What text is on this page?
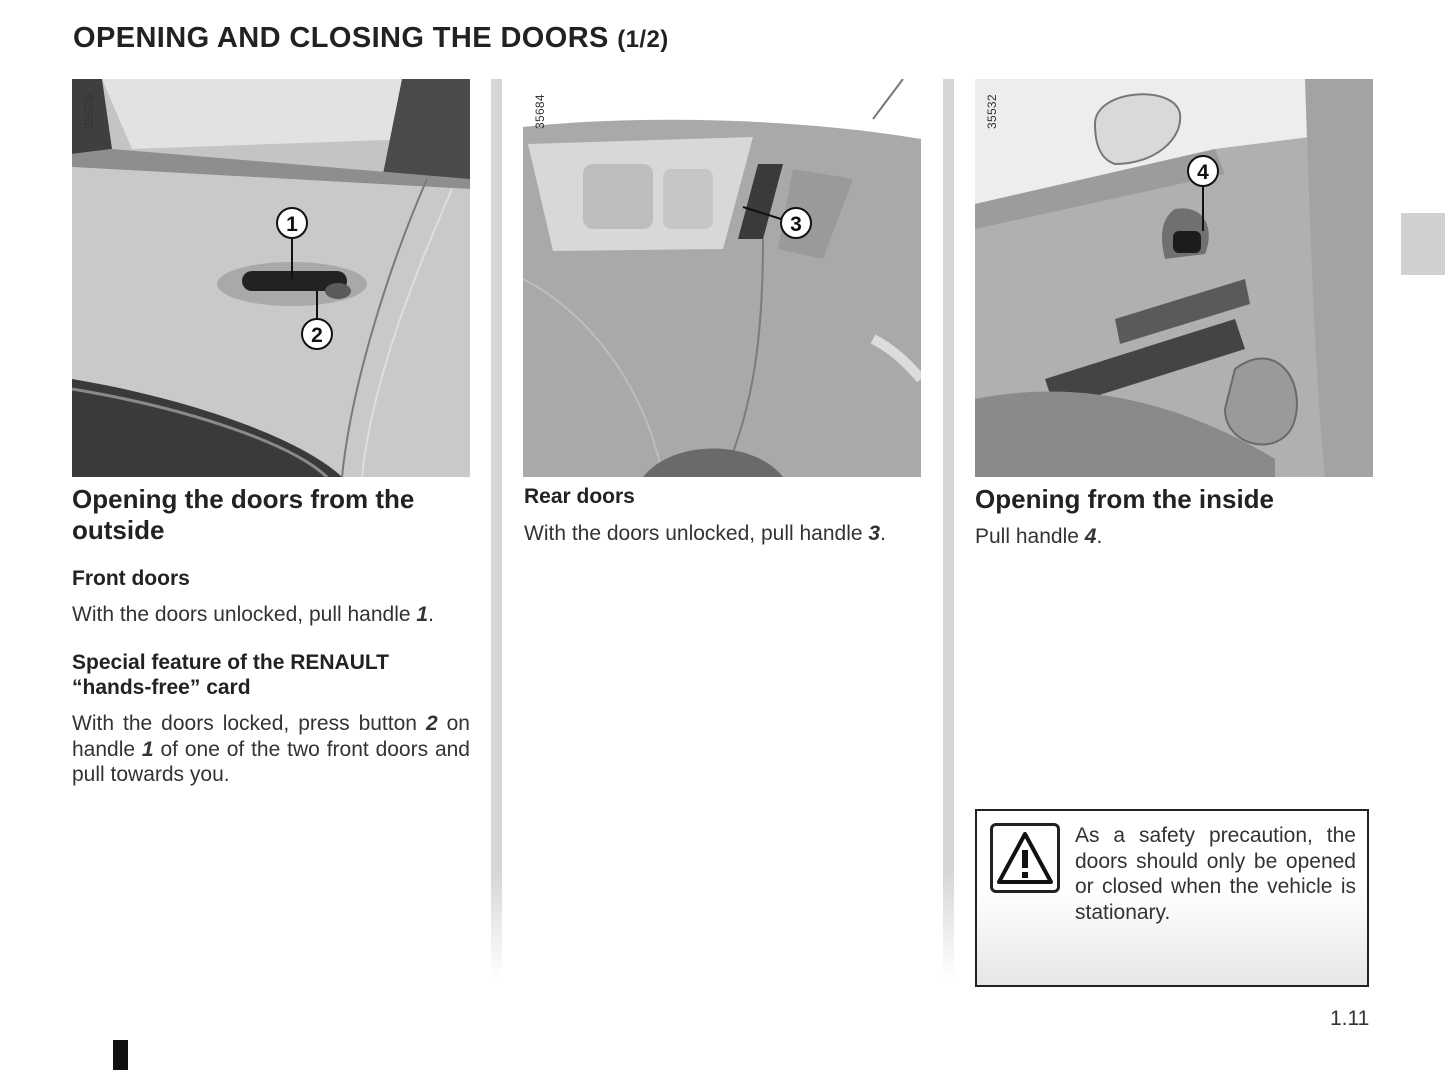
OPENING AND CLOSING THE DOORS (1/2)
1
2
35529
3
35684
4
35532
Opening the doors from the outside
Front doors

With the doors unlocked, pull handle 1.

Special feature of the RENAULT
“hands-free” card

With the doors locked, press button 2 on handle 1 of one of the two front doors and pull towards you.

Rear doors

With the doors unlocked, pull handle 3.

Opening from the inside

Pull handle 4.

As a safety precaution, the doors should only be opened or closed when the vehicle is stationary.

1.11
